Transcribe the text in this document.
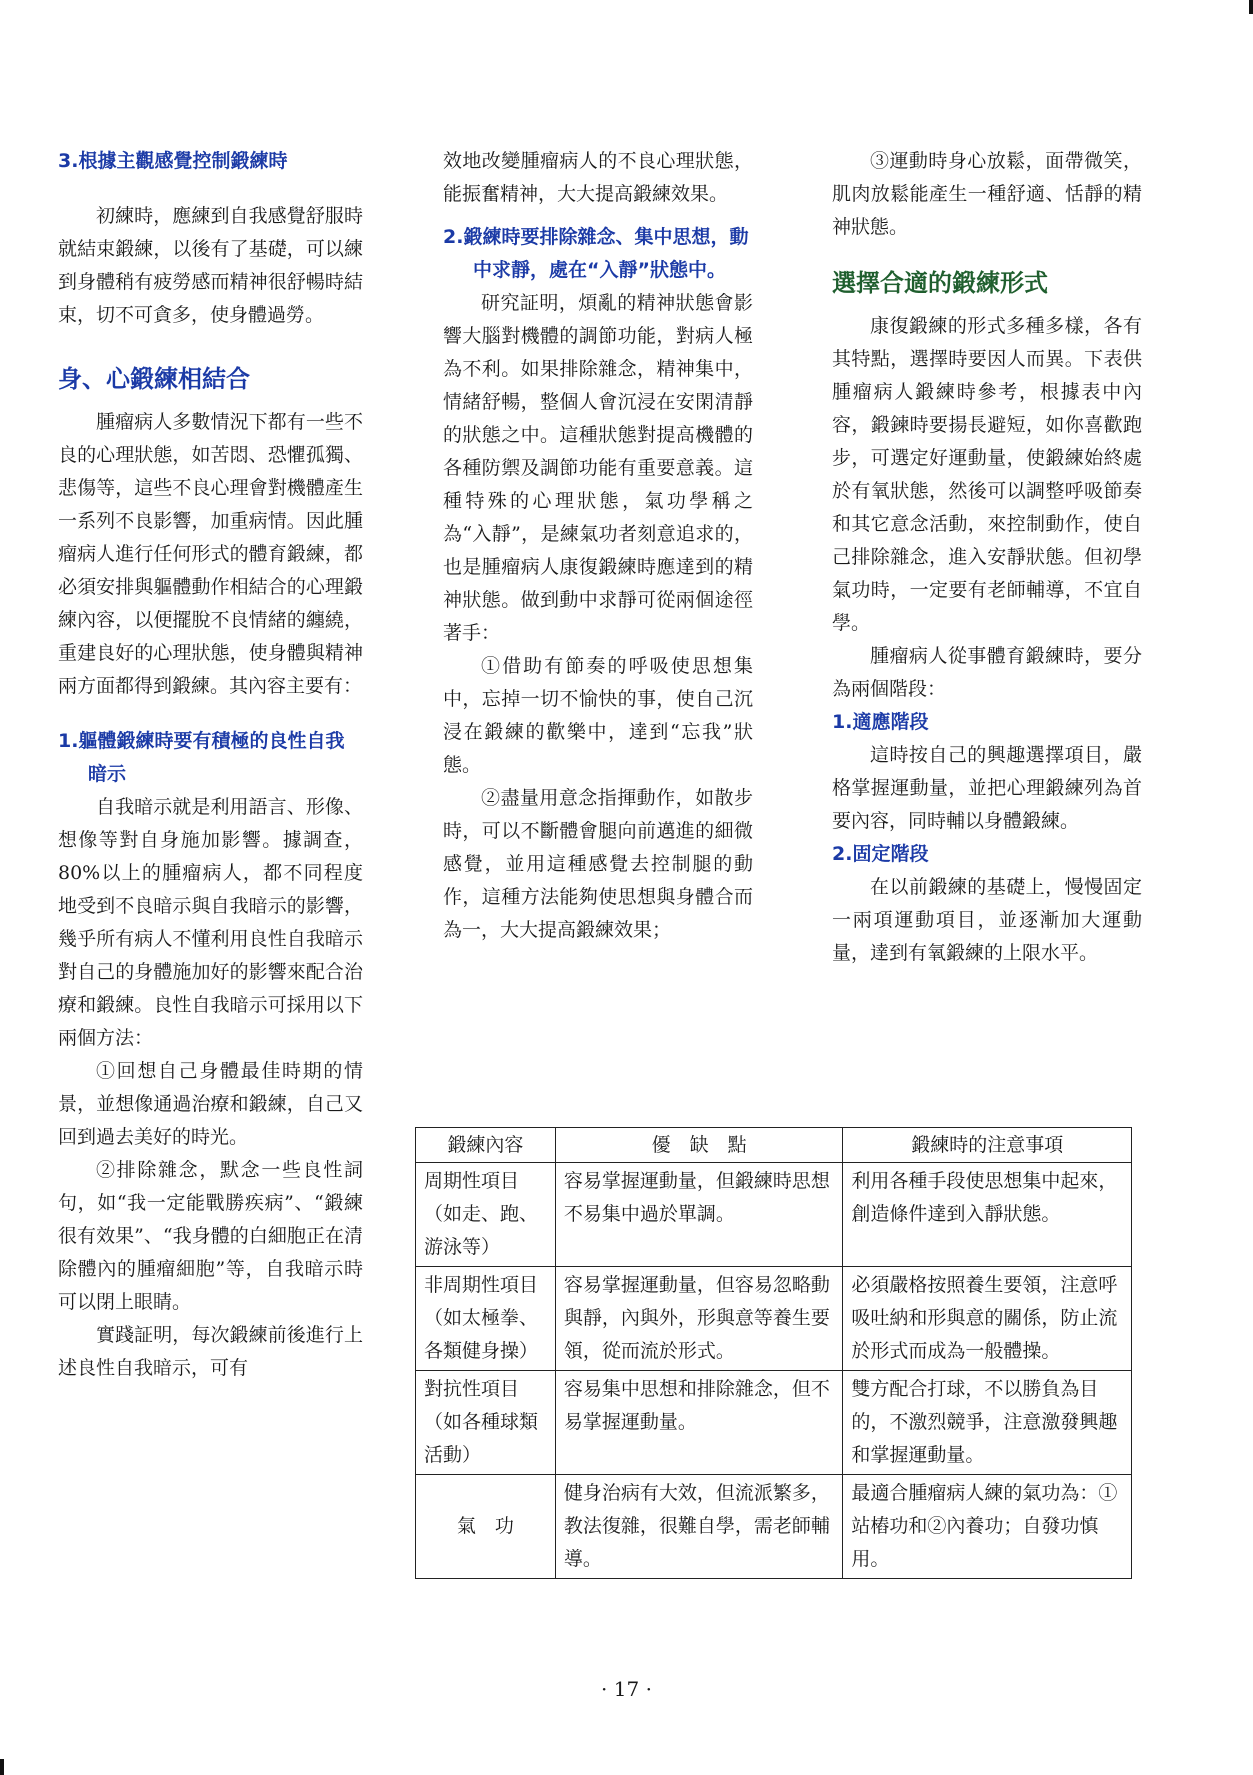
3.根據主觀感覺控制鍛練時

初練時，應練到自我感覺舒服時就結束鍛練，以後有了基礎，可以練到身體稍有疲勞感而精神很舒暢時結束，切不可貪多，使身體過勞。

身、心鍛練相結合

腫瘤病人多數情況下都有一些不良的心理狀態，如苦悶、恐懼孤獨、悲傷等，這些不良心理會對機體產生一系列不良影響，加重病情。因此腫瘤病人進行任何形式的體育鍛練，都必須安排與軀體動作相結合的心理鍛練內容，以便擺脫不良情緒的纏繞，重建良好的心理狀態，使身體與精神兩方面都得到鍛練。其內容主要有：

1.軀體鍛練時要有積極的良性自我暗示

自我暗示就是利用語言、形像、想像等對自身施加影響。據調查，80%以上的腫瘤病人，都不同程度地受到不良暗示與自我暗示的影響，幾乎所有病人不懂利用良性自我暗示對自己的身體施加好的影響來配合治療和鍛練。良性自我暗示可採用以下兩個方法：

①回想自己身體最佳時期的情景，並想像通過治療和鍛練，自己又回到過去美好的時光。

②排除雜念，默念一些良性詞句，如“我一定能戰勝疾病”、“鍛練很有效果”、“我身體的白細胞正在清除體內的腫瘤細胞”等，自我暗示時可以閉上眼睛。

實踐証明，每次鍛練前後進行上述良性自我暗示，可有

效地改變腫瘤病人的不良心理狀態，能振奮精神，大大提高鍛練效果。

2.鍛練時要排除雜念、集中思想，動中求靜，處在“入靜”狀態中。

研究証明，煩亂的精神狀態會影響大腦對機體的調節功能，對病人極為不利。如果排除雜念，精神集中，情緒舒暢，整個人會沉浸在安閑清靜的狀態之中。這種狀態對提高機體的各種防禦及調節功能有重要意義。這種特殊的心理狀態，氣功學稱之為“入靜”，是練氣功者刻意追求的，也是腫瘤病人康復鍛練時應達到的精神狀態。做到動中求靜可從兩個途徑著手：

①借助有節奏的呼吸使思想集中，忘掉一切不愉快的事，使自己沉浸在鍛練的歡樂中，達到“忘我”狀態。

②盡量用意念指揮動作，如散步時，可以不斷體會腿向前邁進的細微感覺，並用這種感覺去控制腿的動作，這種方法能夠使思想與身體合而為一，大大提高鍛練效果；

③運動時身心放鬆，面帶微笑，肌肉放鬆能產生一種舒適、恬靜的精神狀態。

選擇合適的鍛練形式

康復鍛練的形式多種多樣，各有其特點，選擇時要因人而異。下表供腫瘤病人鍛練時參考，根據表中內容，鍛鍊時要揚長避短，如你喜歡跑步，可選定好運動量，使鍛練始終處於有氧狀態，然後可以調整呼吸節奏和其它意念活動，來控制動作，使自己排除雜念，進入安靜狀態。但初學氣功時，一定要有老師輔導，不宜自學。

腫瘤病人從事體育鍛練時，要分為兩個階段：

1.適應階段

這時按自己的興趣選擇項目，嚴格掌握運動量，並把心理鍛練列為首要內容，同時輔以身體鍛練。

2.固定階段

在以前鍛練的基礎上，慢慢固定一兩項運動項目，並逐漸加大運動量，達到有氧鍛練的上限水平。

鍛練內容	優　缺　點	鍛練時的注意事項
周期性項目（如走、跑、游泳等）	容易掌握運動量，但鍛練時思想不易集中過於單調。	利用各種手段使思想集中起來，創造條件達到入靜狀態。
非周期性項目（如太極拳、各類健身操）	容易掌握運動量，但容易忽略動與靜，內與外，形與意等養生要領，從而流於形式。	必須嚴格按照養生要領，注意呼吸吐納和形與意的關係，防止流於形式而成為一般體操。
對抗性項目（如各種球類活動）	容易集中思想和排除雜念，但不易掌握運動量。	雙方配合打球，不以勝負為目的，不激烈競爭，注意激發興趣和掌握運動量。
氣　功	健身治病有大效，但流派繁多，教法復雜，很難自學，需老師輔導。	最適合腫瘤病人練的氣功為：①站樁功和②內養功；自發功慎用。
· 17 ·
